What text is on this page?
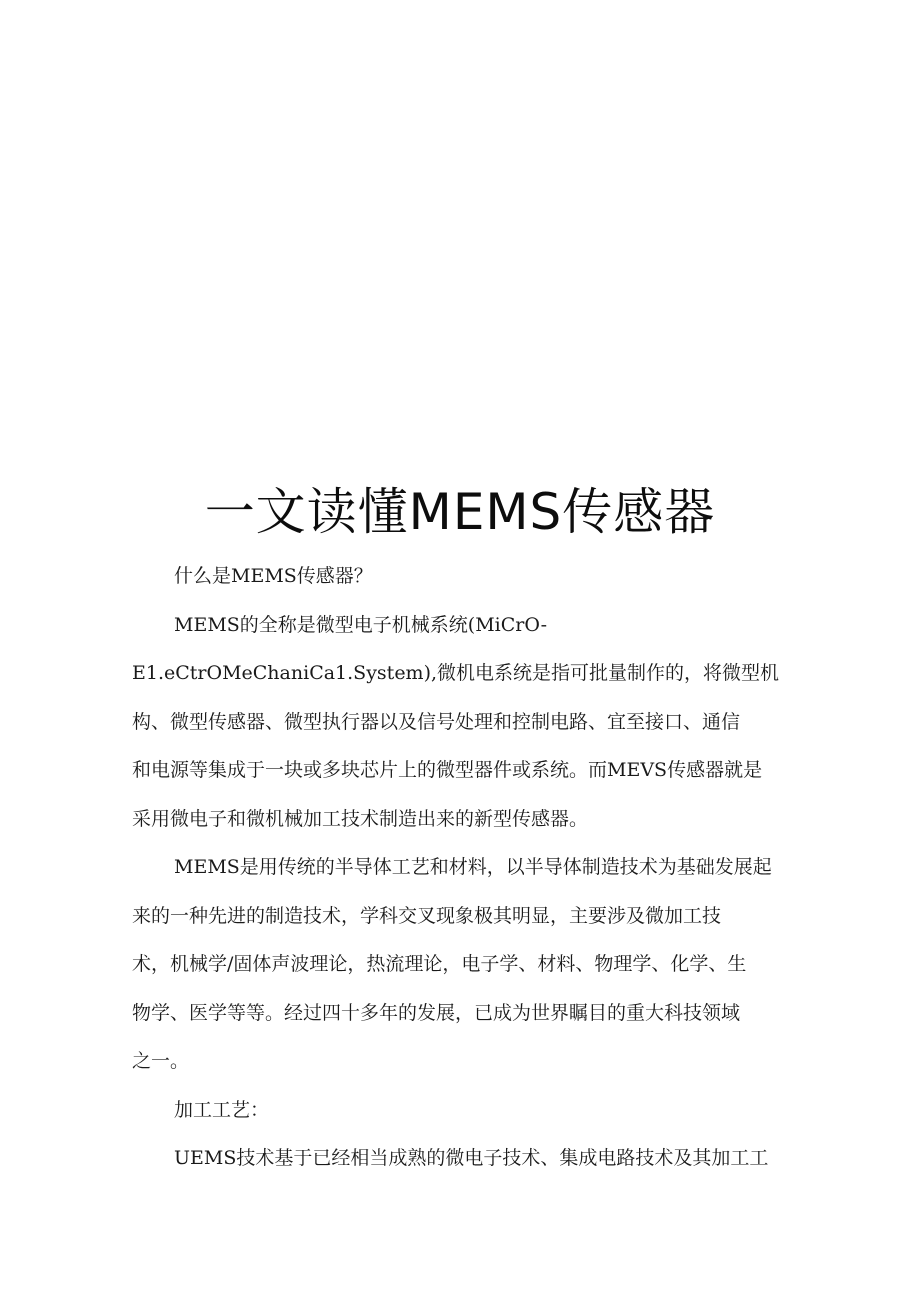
一文读懂MEMS传感器

什么是MEMS传感器？

MEMS的全称是微型电子机械系统(MiCrO-
E1.eCtrOMeChaniCa1.System),微机电系统是指可批量制作的，将微型机
构、微型传感器、微型执行器以及信号处理和控制电路、宜至接口、通信
和电源等集成于一块或多块芯片上的微型器件或系统。而MEVS传感器就是
采用微电子和微机械加工技术制造出来的新型传感器。

MEMS是用传统的半导体工艺和材料，以半导体制造技术为基础发展起
来的一种先进的制造技术，学科交叉现象极其明显，主要涉及微加工技
术，机械学/固体声波理论，热流理论，电子学、材料、物理学、化学、生
物学、医学等等。经过四十多年的发展，已成为世界瞩目的重大科技领域
之一。

加工工艺：

UEMS技术基于已经相当成熟的微电子技术、集成电路技术及其加工工
